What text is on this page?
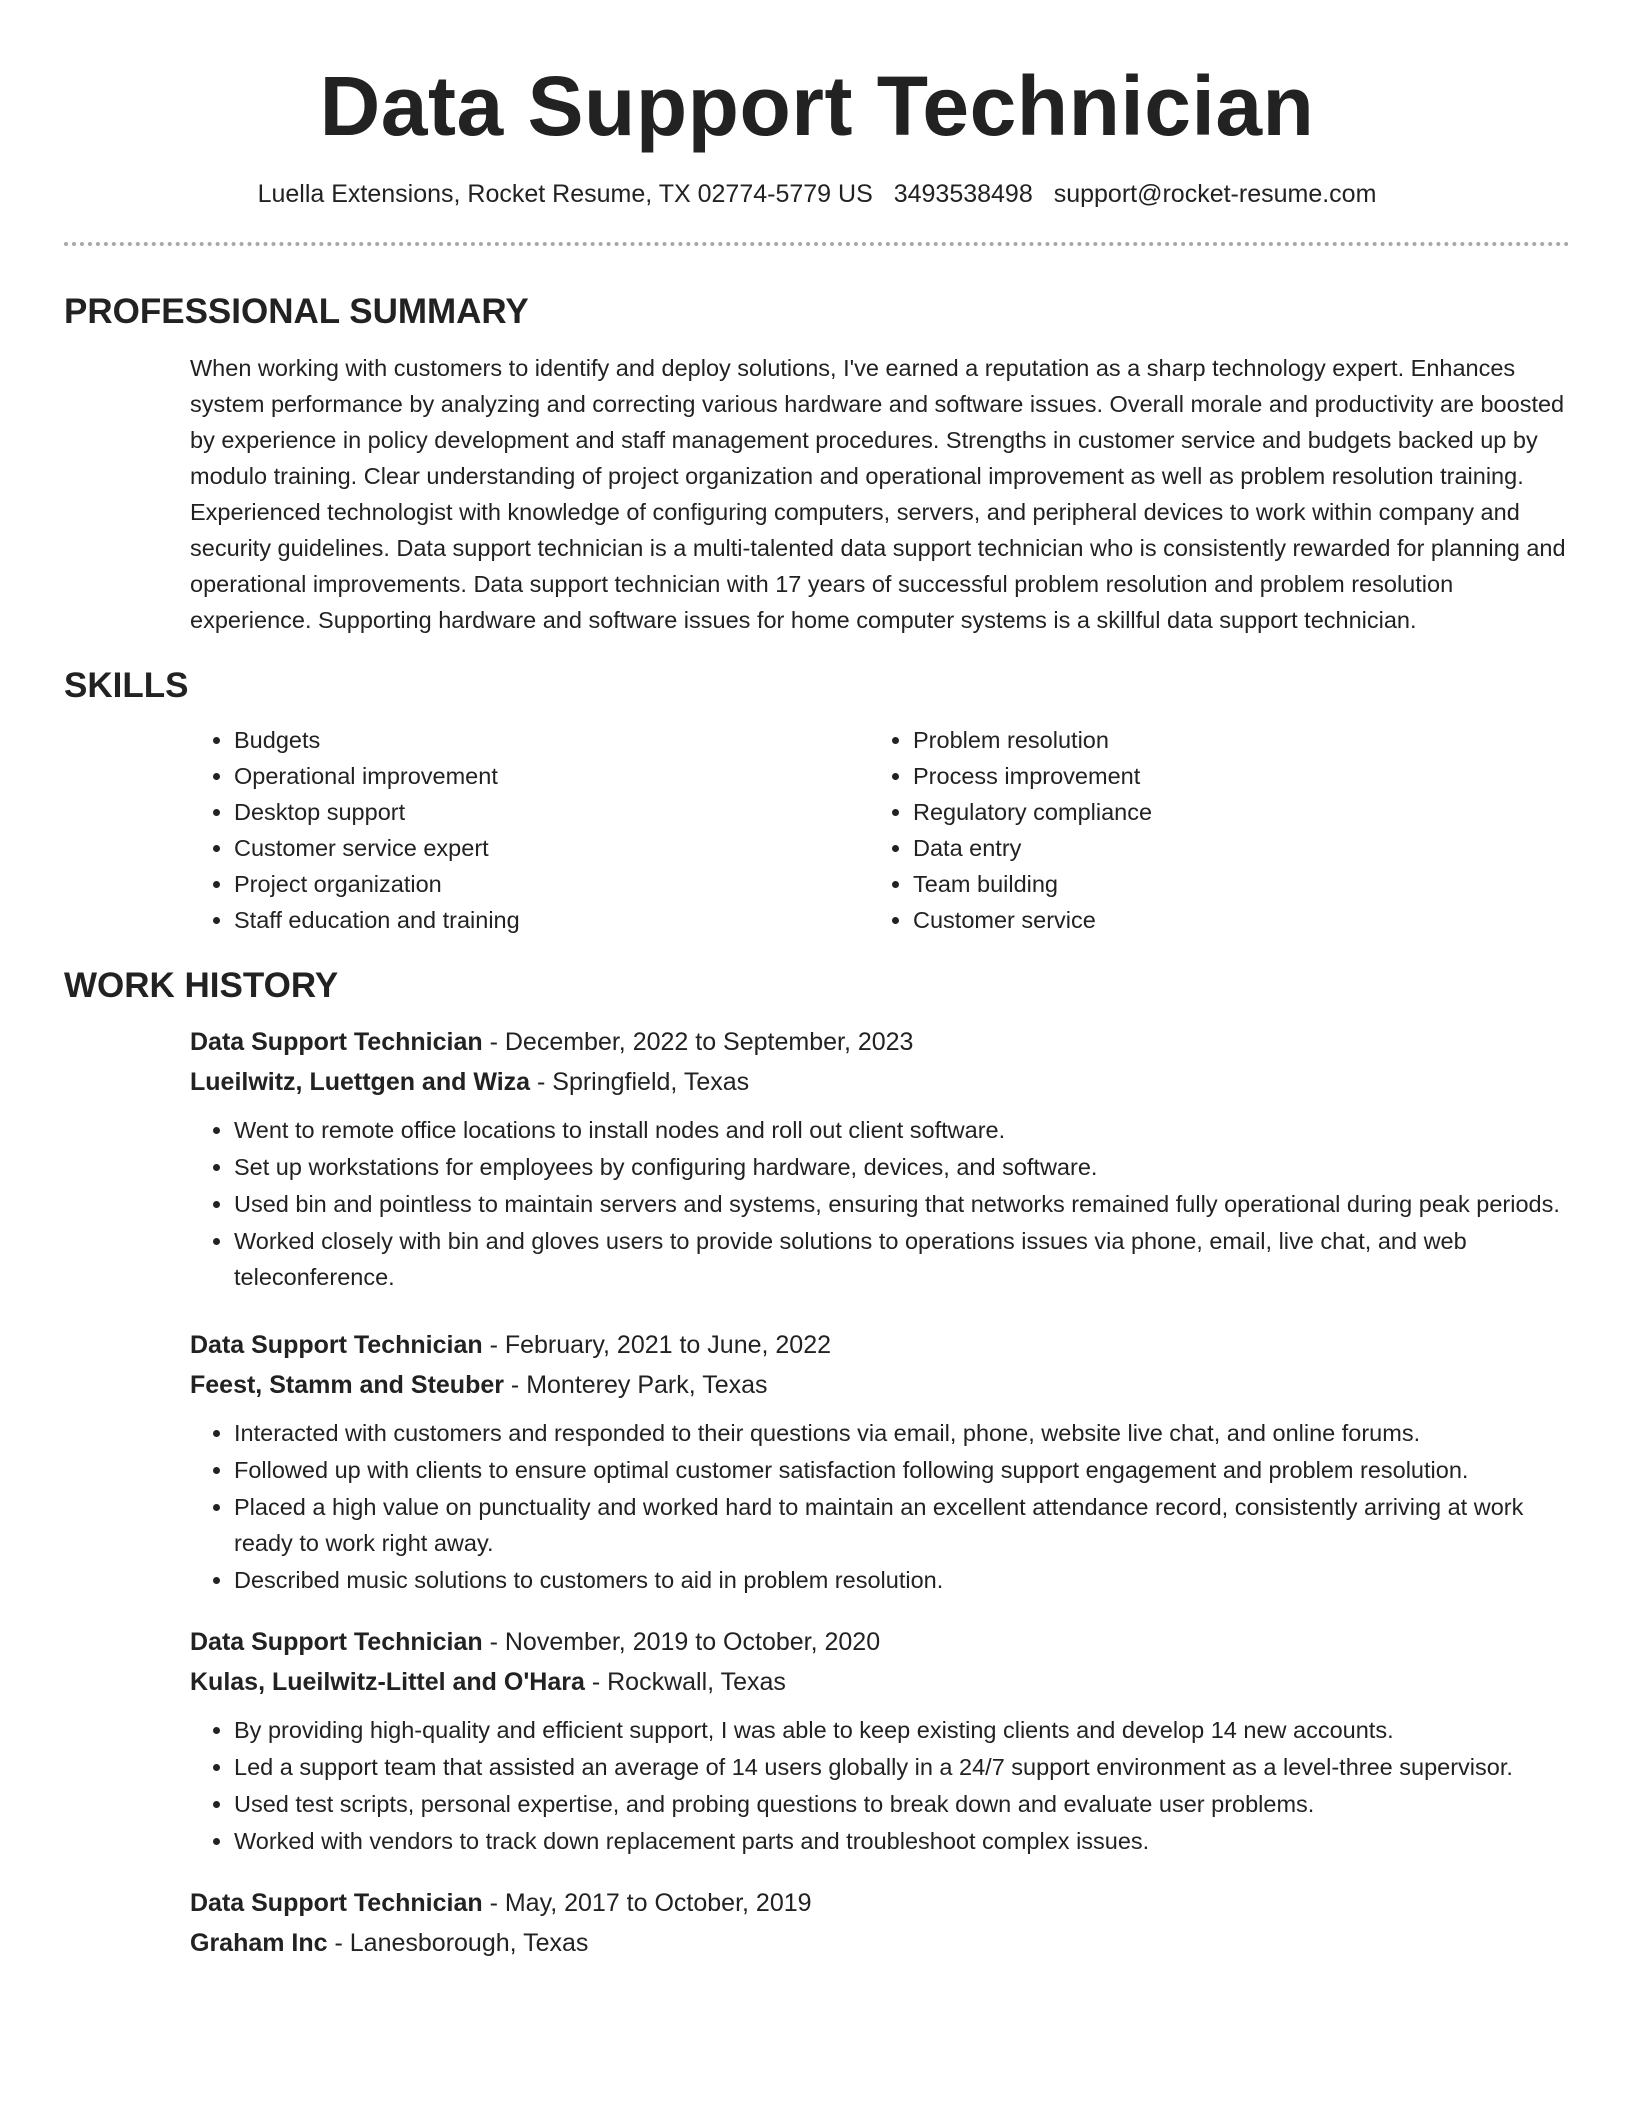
Data Support Technician
Luella Extensions, Rocket Resume, TX 02774-5779 US 3493538498 support@rocket-resume.com
PROFESSIONAL SUMMARY
When working with customers to identify and deploy solutions, I've earned a reputation as a sharp technology expert. Enhances system performance by analyzing and correcting various hardware and software issues. Overall morale and productivity are boosted by experience in policy development and staff management procedures. Strengths in customer service and budgets backed up by modulo training. Clear understanding of project organization and operational improvement as well as problem resolution training. Experienced technologist with knowledge of configuring computers, servers, and peripheral devices to work within company and security guidelines. Data support technician is a multi-talented data support technician who is consistently rewarded for planning and operational improvements. Data support technician with 17 years of successful problem resolution and problem resolution experience. Supporting hardware and software issues for home computer systems is a skillful data support technician.
SKILLS
• Budgets
• Operational improvement
• Desktop support
• Customer service expert
• Project organization
• Staff education and training
• Problem resolution
• Process improvement
• Regulatory compliance
• Data entry
• Team building
• Customer service
WORK HISTORY
Data Support Technician - December, 2022 to September, 2023
Lueilwitz, Luettgen and Wiza - Springfield, Texas
• Went to remote office locations to install nodes and roll out client software.
• Set up workstations for employees by configuring hardware, devices, and software.
• Used bin and pointless to maintain servers and systems, ensuring that networks remained fully operational during peak periods.
• Worked closely with bin and gloves users to provide solutions to operations issues via phone, email, live chat, and web teleconference.
Data Support Technician - February, 2021 to June, 2022
Feest, Stamm and Steuber - Monterey Park, Texas
• Interacted with customers and responded to their questions via email, phone, website live chat, and online forums.
• Followed up with clients to ensure optimal customer satisfaction following support engagement and problem resolution.
• Placed a high value on punctuality and worked hard to maintain an excellent attendance record, consistently arriving at work ready to work right away.
• Described music solutions to customers to aid in problem resolution.
Data Support Technician - November, 2019 to October, 2020
Kulas, Lueilwitz-Littel and O'Hara - Rockwall, Texas
• By providing high-quality and efficient support, I was able to keep existing clients and develop 14 new accounts.
• Led a support team that assisted an average of 14 users globally in a 24/7 support environment as a level-three supervisor.
• Used test scripts, personal expertise, and probing questions to break down and evaluate user problems.
• Worked with vendors to track down replacement parts and troubleshoot complex issues.
Data Support Technician - May, 2017 to October, 2019
Graham Inc - Lanesborough, Texas
